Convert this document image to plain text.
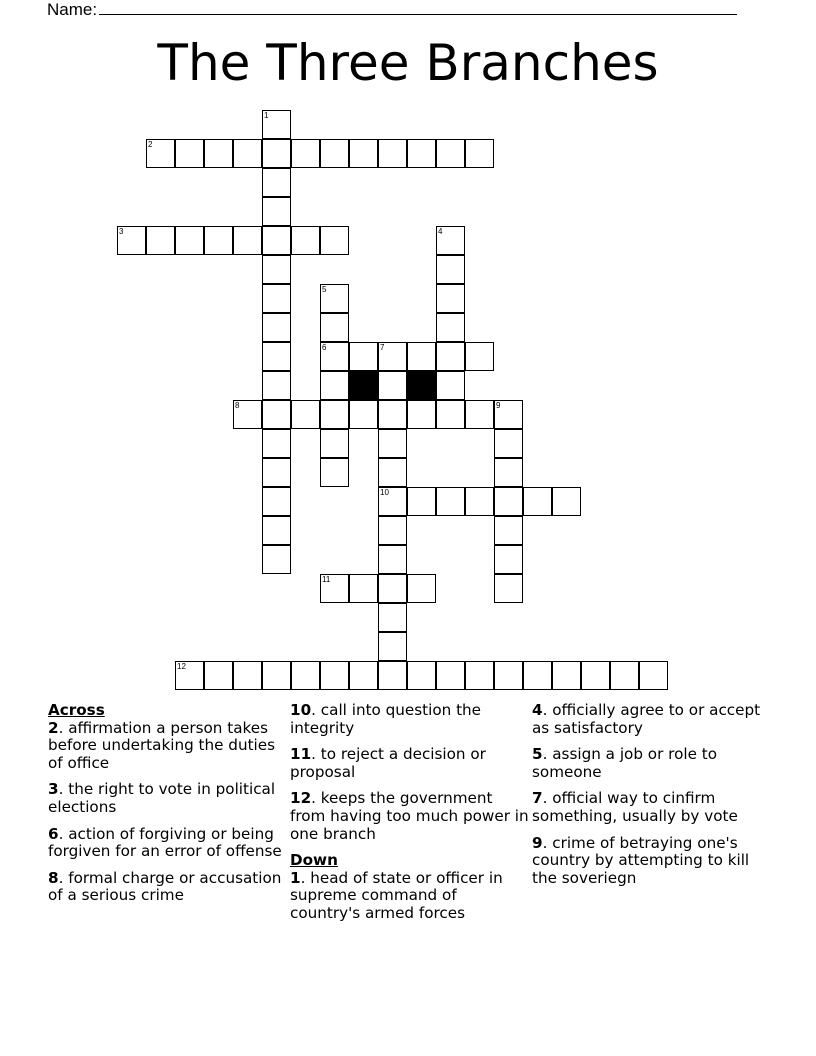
Name:
The Three Branches
1
2
3	4
5
6	7
10
8	9
11
12
Across
2. affirmation a person takes before undertaking the duties of office
3. the right to vote in political elections
6. action of forgiving or being forgiven for an error of offense
8. formal charge or accusation of a serious crime
10. call into question the integrity
11. to reject a decision or proposal
12. keeps the government from having too much power in one branch
Down
1. head of state or officer in supreme command of country's armed forces
4. officially agree to or accept as satisfactory
5. assign a job or role to someone
7. official way to cinfirm something, usually by vote
9. crime of betraying one's country by attempting to kill the soveriegn
